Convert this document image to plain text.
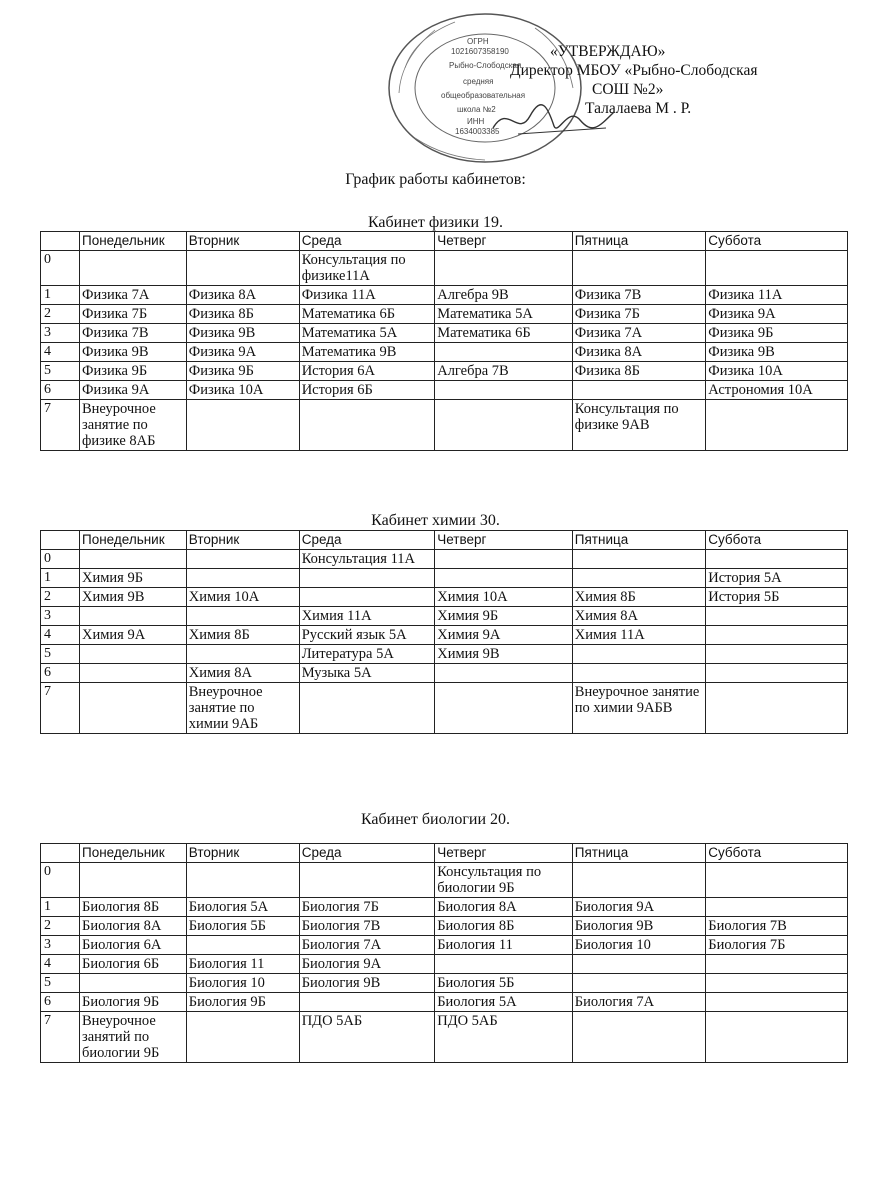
ОГРН
1021607358190
Рыбно-Слободская
средняя
общеобразовательная
школа №2
ИНН
1634003385
«УТВЕРЖДАЮ»
Директор МБОУ «Рыбно-Слободская
СОШ №2»
Талалаева М . Р.
График работы кабинетов:
Кабинет физики 19.
	Понедельник	Вторник	Среда	Четверг	Пятница	Суббота
0			Консультация по физике11А			
1	Физика 7А	Физика 8А	Физика 11А	Алгебра 9В	Физика 7В	Физика 11А
2	Физика 7Б	Физика 8Б	Математика 6Б	Математика 5А	Физика 7Б	Физика 9А
3	Физика 7В	Физика 9В	Математика 5А	Математика 6Б	Физика 7А	Физика 9Б
4	Физика 9В	Физика 9А	Математика 9В		Физика 8А	Физика 9В
5	Физика 9Б	Физика 9Б	История 6А	Алгебра 7В	Физика 8Б	Физика 10А
6	Физика 9А	Физика 10А	История 6Б			Астрономия 10А
7	Внеурочное занятие по физике 8АБ				Консультация по физике 9АВ	
Кабинет химии 30.
	Понедельник	Вторник	Среда	Четверг	Пятница	Суббота
0			Консультация 11А			
1	Химия 9Б					История 5А
2	Химия 9В	Химия 10А		Химия 10А	Химия 8Б	История 5Б
3			Химия 11А	Химия 9Б	Химия 8А	
4	Химия 9А	Химия 8Б	Русский язык 5А	Химия 9А	Химия 11А	
5			Литература 5А	Химия 9В		
6		Химия 8А	Музыка 5А			
7		Внеурочное занятие по химии 9АБ			Внеурочное занятие по химии 9АБВ	
Кабинет биологии 20.
	Понедельник	Вторник	Среда	Четверг	Пятница	Суббота
0				Консультация по биологии 9Б		
1	Биология 8Б	Биология 5А	Биология 7Б	Биология 8А	Биология 9А	
2	Биология 8А	Биология 5Б	Биология 7В	Биология 8Б	Биология 9В	Биология 7В
3	Биология 6А		Биология 7А	Биология 11	Биология 10	Биология 7Б
4	Биология 6Б	Биология 11	Биология 9А			
5		Биология 10	Биология 9В	Биология 5Б		
6	Биология 9Б	Биология 9Б		Биология 5А	Биология 7А	
7	Внеурочное занятий по биологии 9Б		ПДО 5АБ	ПДО 5АБ		
